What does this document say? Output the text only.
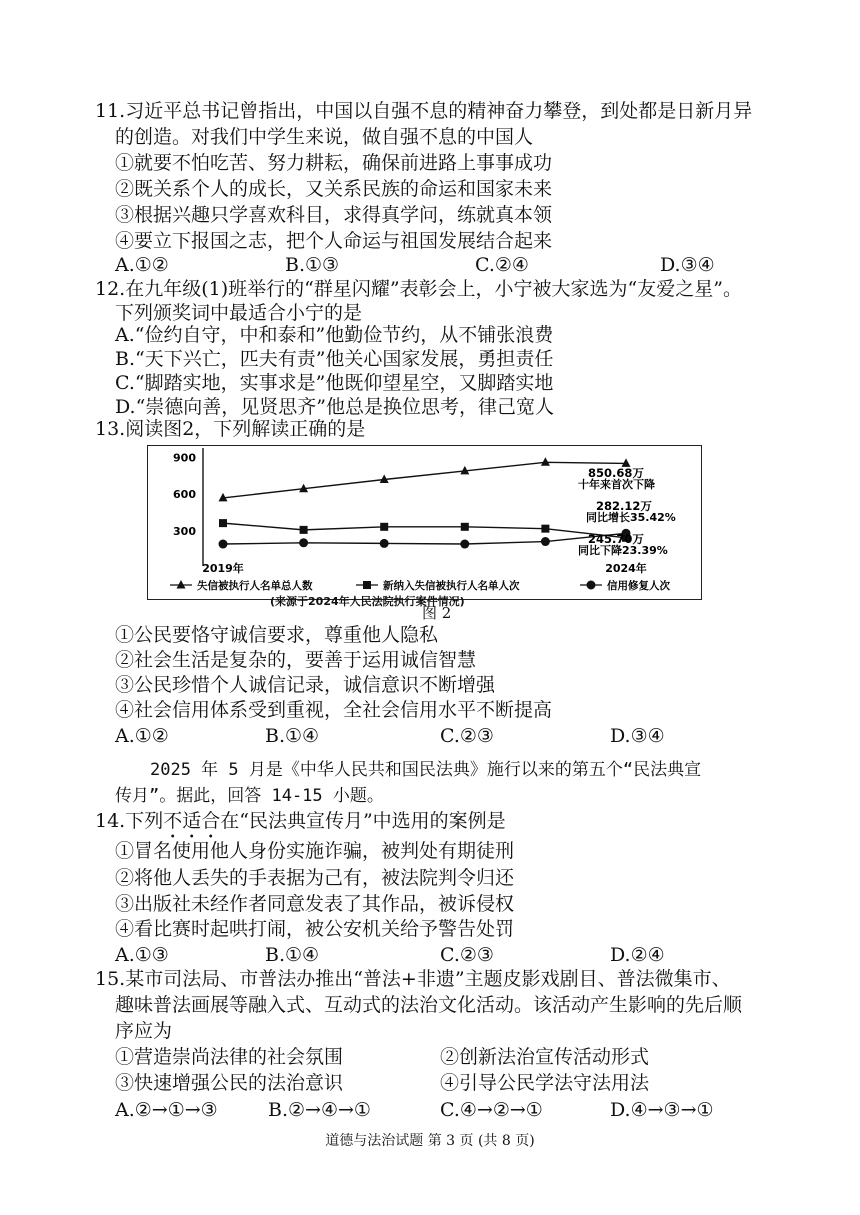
11.习近平总书记曾指出，中国以自强不息的精神奋力攀登，到处都是日新月异
的创造。对我们中学生来说，做自强不息的中国人
①就要不怕吃苦、努力耕耘，确保前进路上事事成功
②既关系个人的成长，又关系民族的命运和国家未来
③根据兴趣只学喜欢科目，求得真学问，练就真本领
④要立下报国之志，把个人命运与祖国发展结合起来
A.①②	B.①③	C.②④	D.③④
12.在九年级(1)班举行的“群星闪耀”表彰会上，小宁被大家选为“友爱之星”。
下列颁奖词中最适合小宁的是
A.“俭约自守，中和泰和”他勤俭节约，从不铺张浪费
B.“天下兴亡，匹夫有责”他关心国家发展，勇担责任
C.“脚踏实地，实事求是”他既仰望星空，又脚踏实地
D.“崇德向善，见贤思齐”他总是换位思考，律己宽人
13.阅读图2，下列解读正确的是
300
600
900
2019年	2024年
850.68万
十年来首次下降
282.12万
同比增长35.42%
245.70万
同比下降23.39%
失信被执行人名单总人数	新纳入失信被执行人名单人次	信用修复人次
(来源于2024年人民法院执行案件情况)
图 2
①公民要恪守诚信要求，尊重他人隐私
②社会生活是复杂的，要善于运用诚信智慧
③公民珍惜个人诚信记录，诚信意识不断增强
④社会信用体系受到重视，全社会信用水平不断提高
A.①②	B.①④	C.②③	D.③④
2025 年 5 月是《中华人民共和国民法典》施行以来的第五个“民法典宣
传月”。据此，回答 14-15 小题。
14.下列不适合在“民法典宣传月”中选用的案例是
①冒名使用他人身份实施诈骗，被判处有期徒刑
②将他人丢失的手表据为己有，被法院判令归还
③出版社未经作者同意发表了其作品，被诉侵权
④看比赛时起哄打闹，被公安机关给予警告处罚
A.①③	B.①④	C.②③	D.②④
15.某市司法局、市普法办推出“普法+非遗”主题皮影戏剧目、普法微集市、
趣味普法画展等融入式、互动式的法治文化活动。该活动产生影响的先后顺
序应为
①营造崇尚法律的社会氛围	②创新法治宣传活动形式
③快速增强公民的法治意识	④引导公民学法守法用法
A.②→①→③	B.②→④→①	C.④→②→①	D.④→③→①
道德与法治试题 第 3 页 (共 8 页)
